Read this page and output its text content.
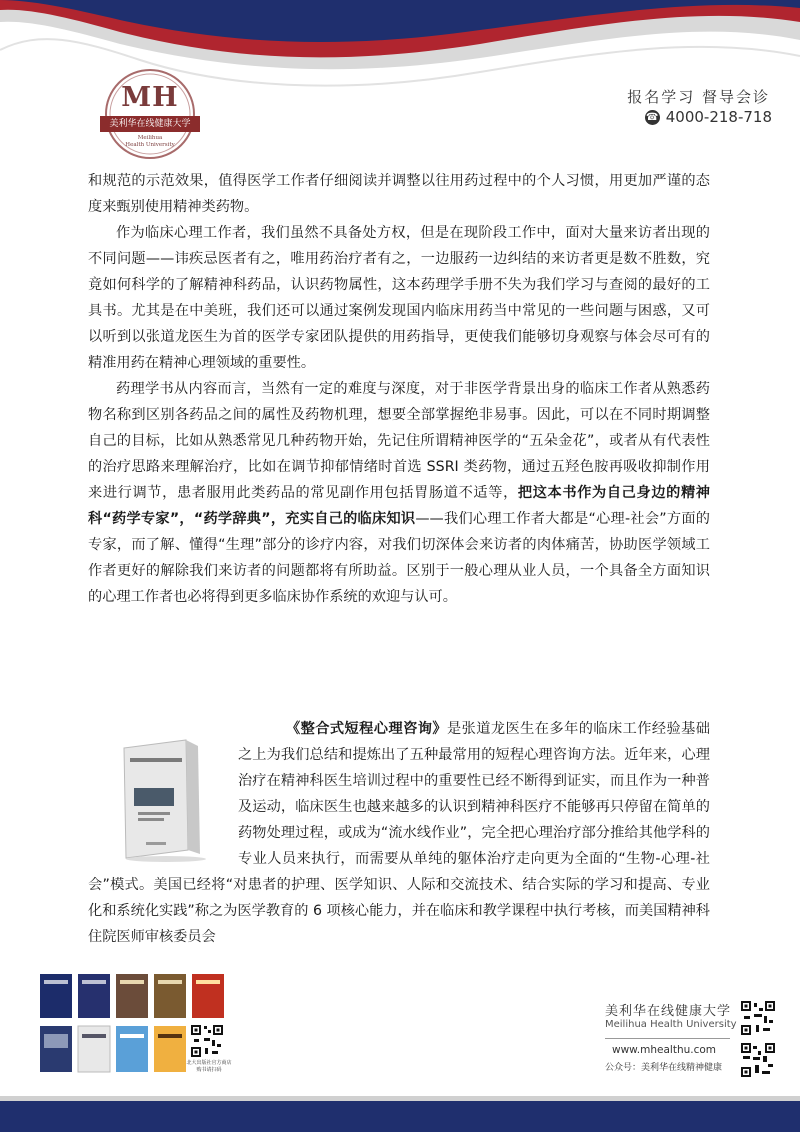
MH
美利华在线健康大学
Meilihua
Health University
报名学习 督导会诊
☎ 4000-218-718

和规范的示范效果，值得医学工作者仔细阅读并调整以往用药过程中的个人习惯，用更加严谨的态度来甄别使用精神类药物。

作为临床心理工作者，我们虽然不具备处方权，但是在现阶段工作中，面对大量来访者出现的不同问题——讳疾忌医者有之，唯用药治疗者有之，一边服药一边纠结的来访者更是数不胜数，究竟如何科学的了解精神科药品，认识药物属性，这本药理学手册不失为我们学习与查阅的最好的工具书。尤其是在中美班，我们还可以通过案例发现国内临床用药当中常见的一些问题与困惑，又可以听到以张道龙医生为首的医学专家团队提供的用药指导，更使我们能够切身观察与体会尽可有的精准用药在精神心理领域的重要性。

药理学书从内容而言，当然有一定的难度与深度，对于非医学背景出身的临床工作者从熟悉药物名称到区别各药品之间的属性及药物机理，想要全部掌握绝非易事。因此，可以在不同时期调整自己的目标，比如从熟悉常见几种药物开始，先记住所谓精神医学的“五朵金花”，或者从有代表性的治疗思路来理解治疗，比如在调节抑郁情绪时首选 SSRI 类药物，通过五羟色胺再吸收抑制作用来进行调节，患者服用此类药品的常见副作用包括胃肠道不适等，把这本书作为自己身边的精神科“药学专家”，“药学辞典”，充实自己的临床知识——我们心理工作者大都是“心理-社会”方面的专家，而了解、懂得“生理”部分的诊疗内容，对我们切深体会来访者的肉体痛苦，协助医学领域工作者更好的解除我们来访者的问题都将有所助益。区别于一般心理从业人员，一个具备全方面知识的心理工作者也必将得到更多临床协作系统的欢迎与认可。

《整合式短程心理咨询》是张道龙医生在多年的临床工作经验基础之上为我们总结和提炼出了五种最常用的短程心理咨询方法。近年来，心理治疗在精神科医生培训过程中的重要性已经不断得到证实，而且作为一种普及运动，临床医生也越来越多的认识到精神科医疗不能够再只停留在简单的药物处理过程，或成为“流水线作业”，完全把心理治疗部分推给其他学科的专业人员来执行，而需要从单纯的躯体治疗走向更为全面的“生物-心理-社会”模式。美国已经将“对患者的护理、医学知识、人际和交流技术、结合实际的学习和提高、专业化和系统化实践”称之为医学教育的 6 项核心能力，并在临床和教学课程中执行考核，而美国精神科住院医师审核委员会

北大出版社官方商店
购书请扫码
美利华在线健康大学
Meilihua Health University
www.mhealthu.com
公众号：美利华在线精神健康
